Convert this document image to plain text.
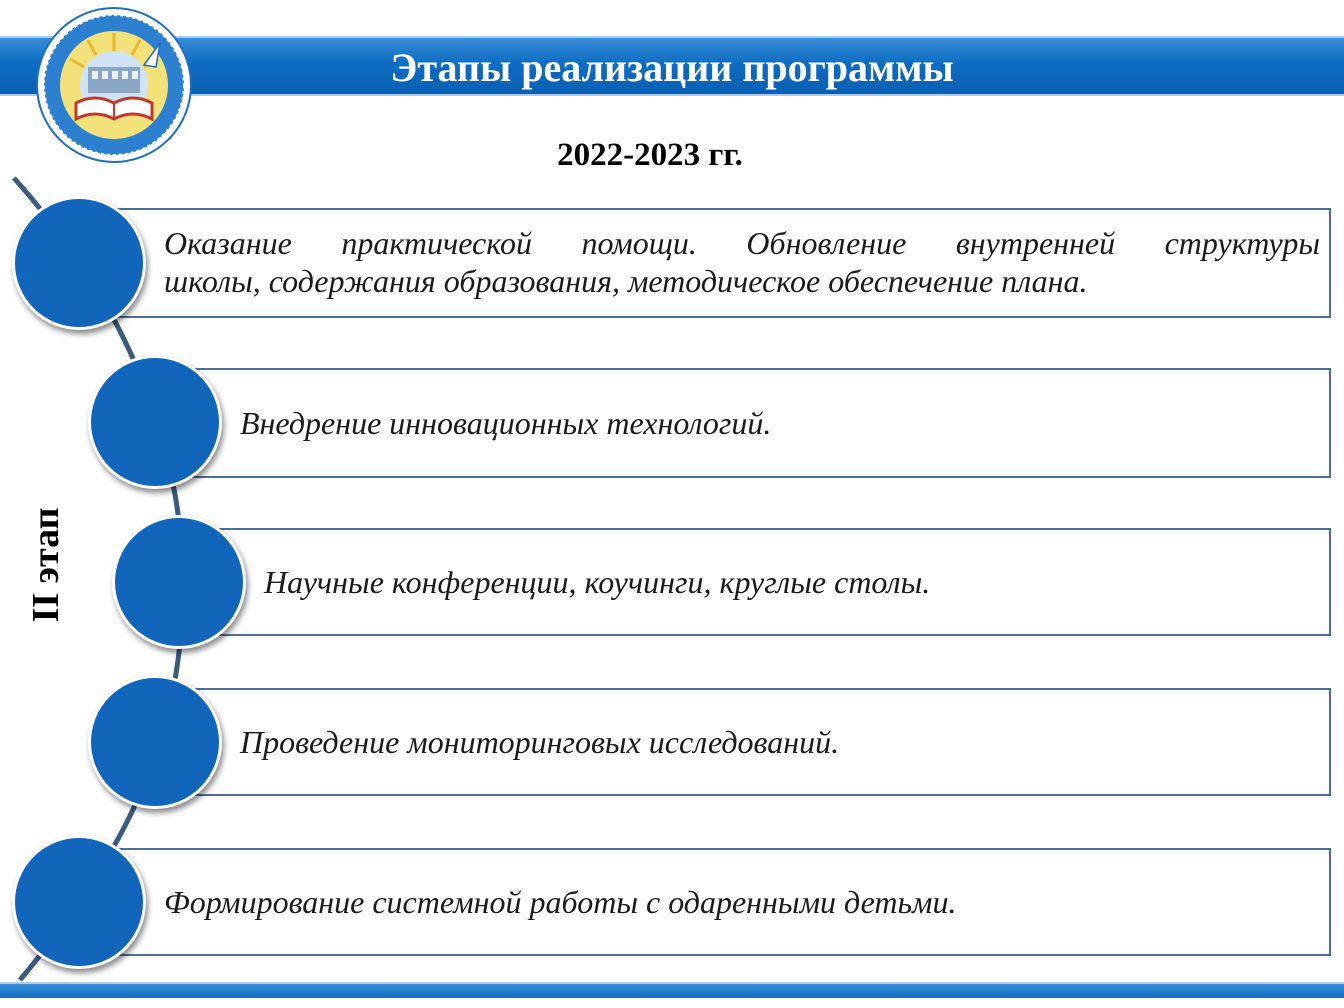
Этапы реализации программы
2022-2023 гг.
II этап
Оказание практической помощи. Обновление внутренней структуры
школы, содержания образования, методическое обеспечение плана.
Внедрение инновационных технологий.
Научные конференции, коучинги, круглые столы.
Проведение мониторинговых исследований.
Формирование системной работы с одаренными детьми.
